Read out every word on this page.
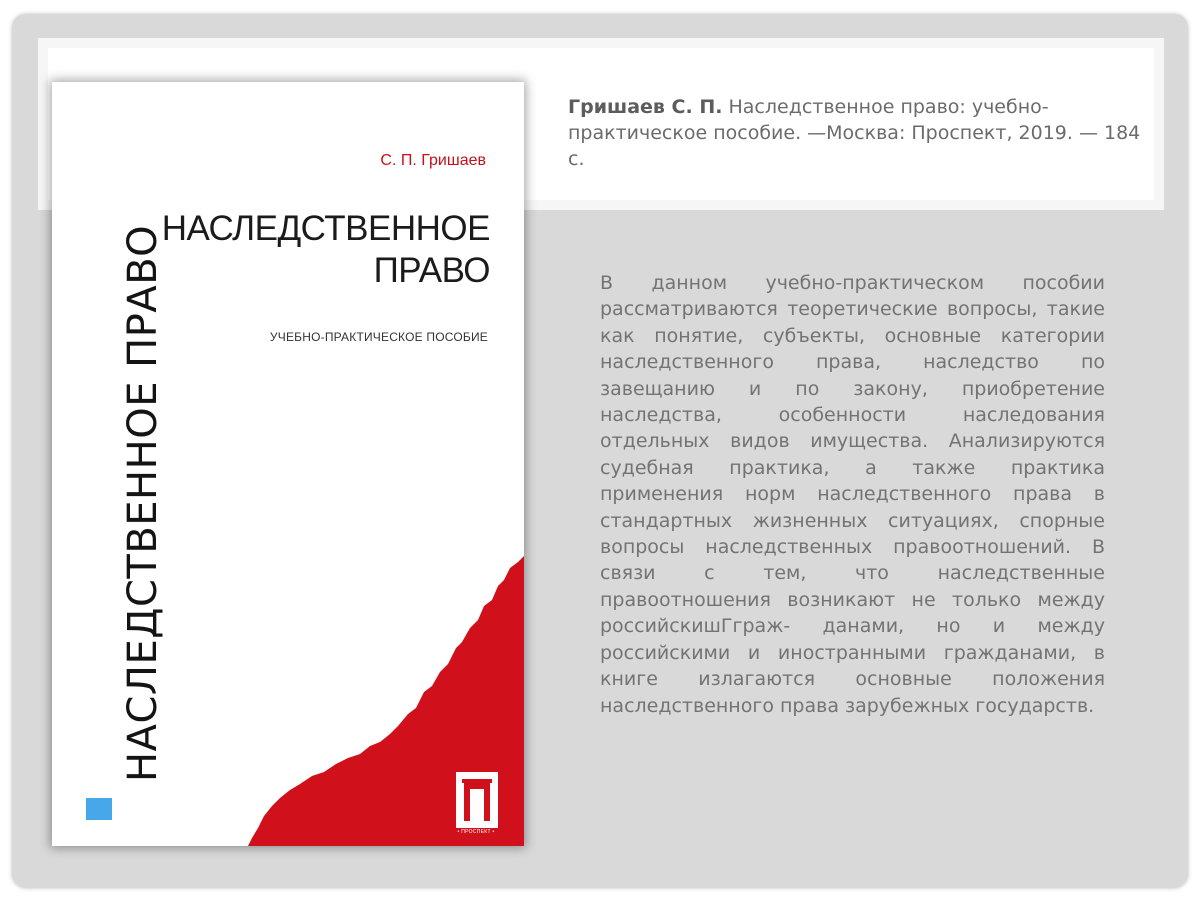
НАСЛЕДСТВЕННОЕ ПРАВО
С. П. Гришаев
НАСЛЕДСТВЕННОЕ
ПРАВО
УЧЕБНО-ПРАКТИЧЕСКОЕ ПОСОБИЕ
• ПРОСПЕКТ •
Гришаев С. П. Наследственное право: учебно-практическое пособие. —Москва: Проспект, 2019. — 184 с.
В данном учебно-практическом пособии рассматриваются теоретические вопросы, такие как понятие, субъекты, основные категории наследственного права, наследство по завещанию и по закону, приобретение наследства, особенности наследования отдельных видов имущества. Анализируются судебная практика, а также практика применения норм наследственного права в стандартных жизненных ситуациях, спорные вопросы наследственных правоотношений. В связи с тем, что наследственные правоотношения возникают не только между российскишГграж- данами, но и между российскими и иностранными гражданами, в книге излагаются основные положения наследственного права зарубежных государств.
